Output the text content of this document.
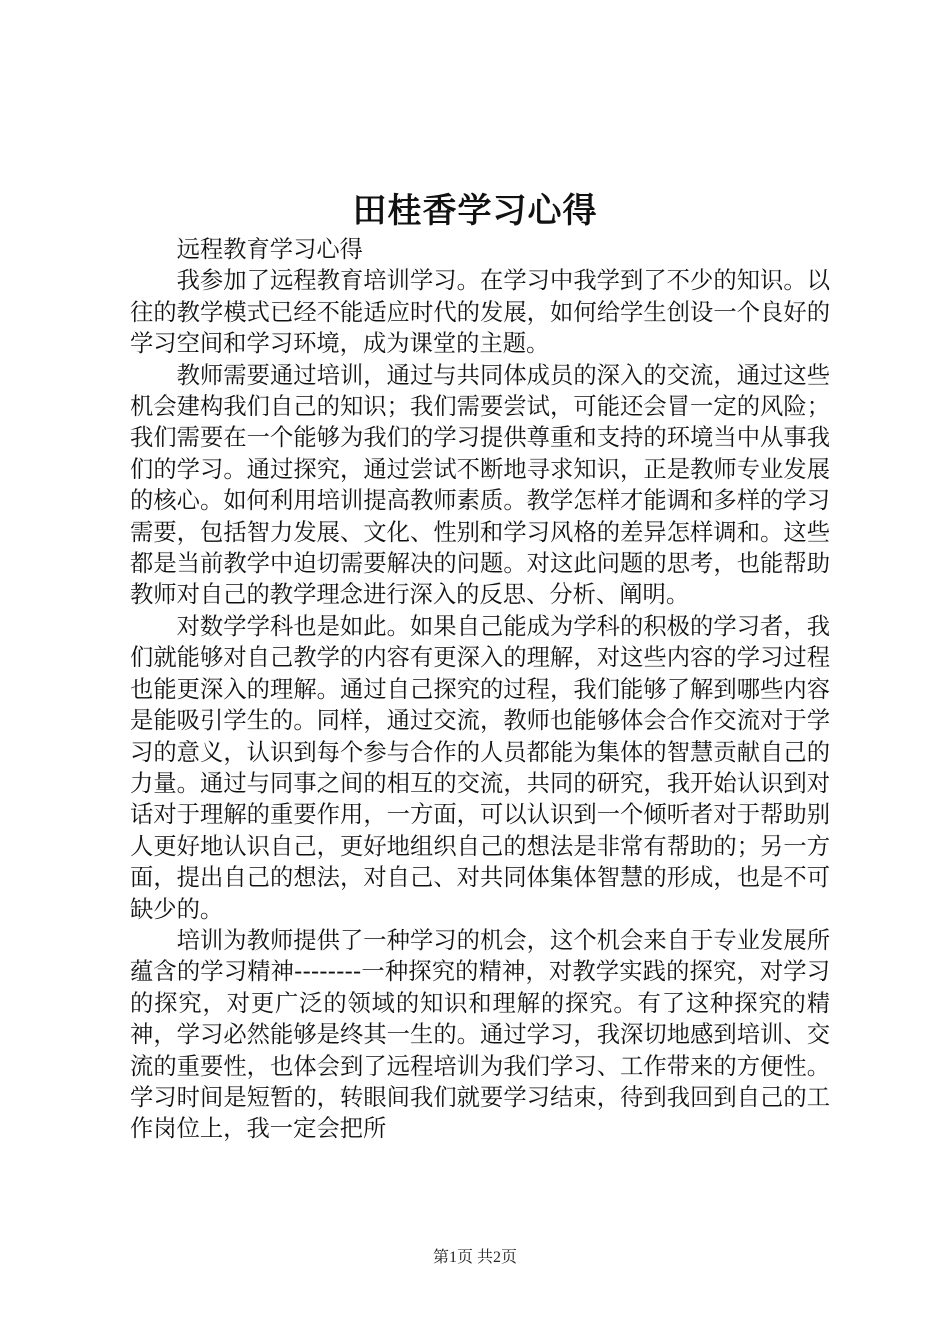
田桂香学习心得

远程教育学习心得

我参加了远程教育培训学习。在学习中我学到了不少的知识。以往的教学模式已经不能适应时代的发展，如何给学生创设一个良好的学习空间和学习环境，成为课堂的主题。

教师需要通过培训，通过与共同体成员的深入的交流，通过这些机会建构我们自己的知识；我们需要尝试，可能还会冒一定的风险；我们需要在一个能够为我们的学习提供尊重和支持的环境当中从事我们的学习。通过探究，通过尝试不断地寻求知识，正是教师专业发展的核心。如何利用培训提高教师素质。教学怎样才能调和多样的学习需要，包括智力发展、文化、性别和学习风格的差异怎样调和。这些都是当前教学中迫切需要解决的问题。对这此问题的思考，也能帮助教师对自己的教学理念进行深入的反思、分析、阐明。

对数学学科也是如此。如果自己能成为学科的积极的学习者，我们就能够对自己教学的内容有更深入的理解，对这些内容的学习过程也能更深入的理解。通过自己探究的过程，我们能够了解到哪些内容是能吸引学生的。同样，通过交流，教师也能够体会合作交流对于学习的意义，认识到每个参与合作的人员都能为集体的智慧贡献自己的力量。通过与同事之间的相互的交流，共同的研究，我开始认识到对话对于理解的重要作用，一方面，可以认识到一个倾听者对于帮助别人更好地认识自己，更好地组织自己的想法是非常有帮助的；另一方面，提出自己的想法，对自己、对共同体集体智慧的形成，也是不可缺少的。

培训为教师提供了一种学习的机会，这个机会来自于专业发展所蕴含的学习精神--------一种探究的精神，对教学实践的探究，对学习的探究，对更广泛的领域的知识和理解的探究。有了这种探究的精神，学习必然能够是终其一生的。通过学习，我深切地感到培训、交流的重要性，也体会到了远程培训为我们学习、工作带来的方便性。学习时间是短暂的，转眼间我们就要学习结束，待到我回到自己的工作岗位上，我一定会把所

第1页 共2页
